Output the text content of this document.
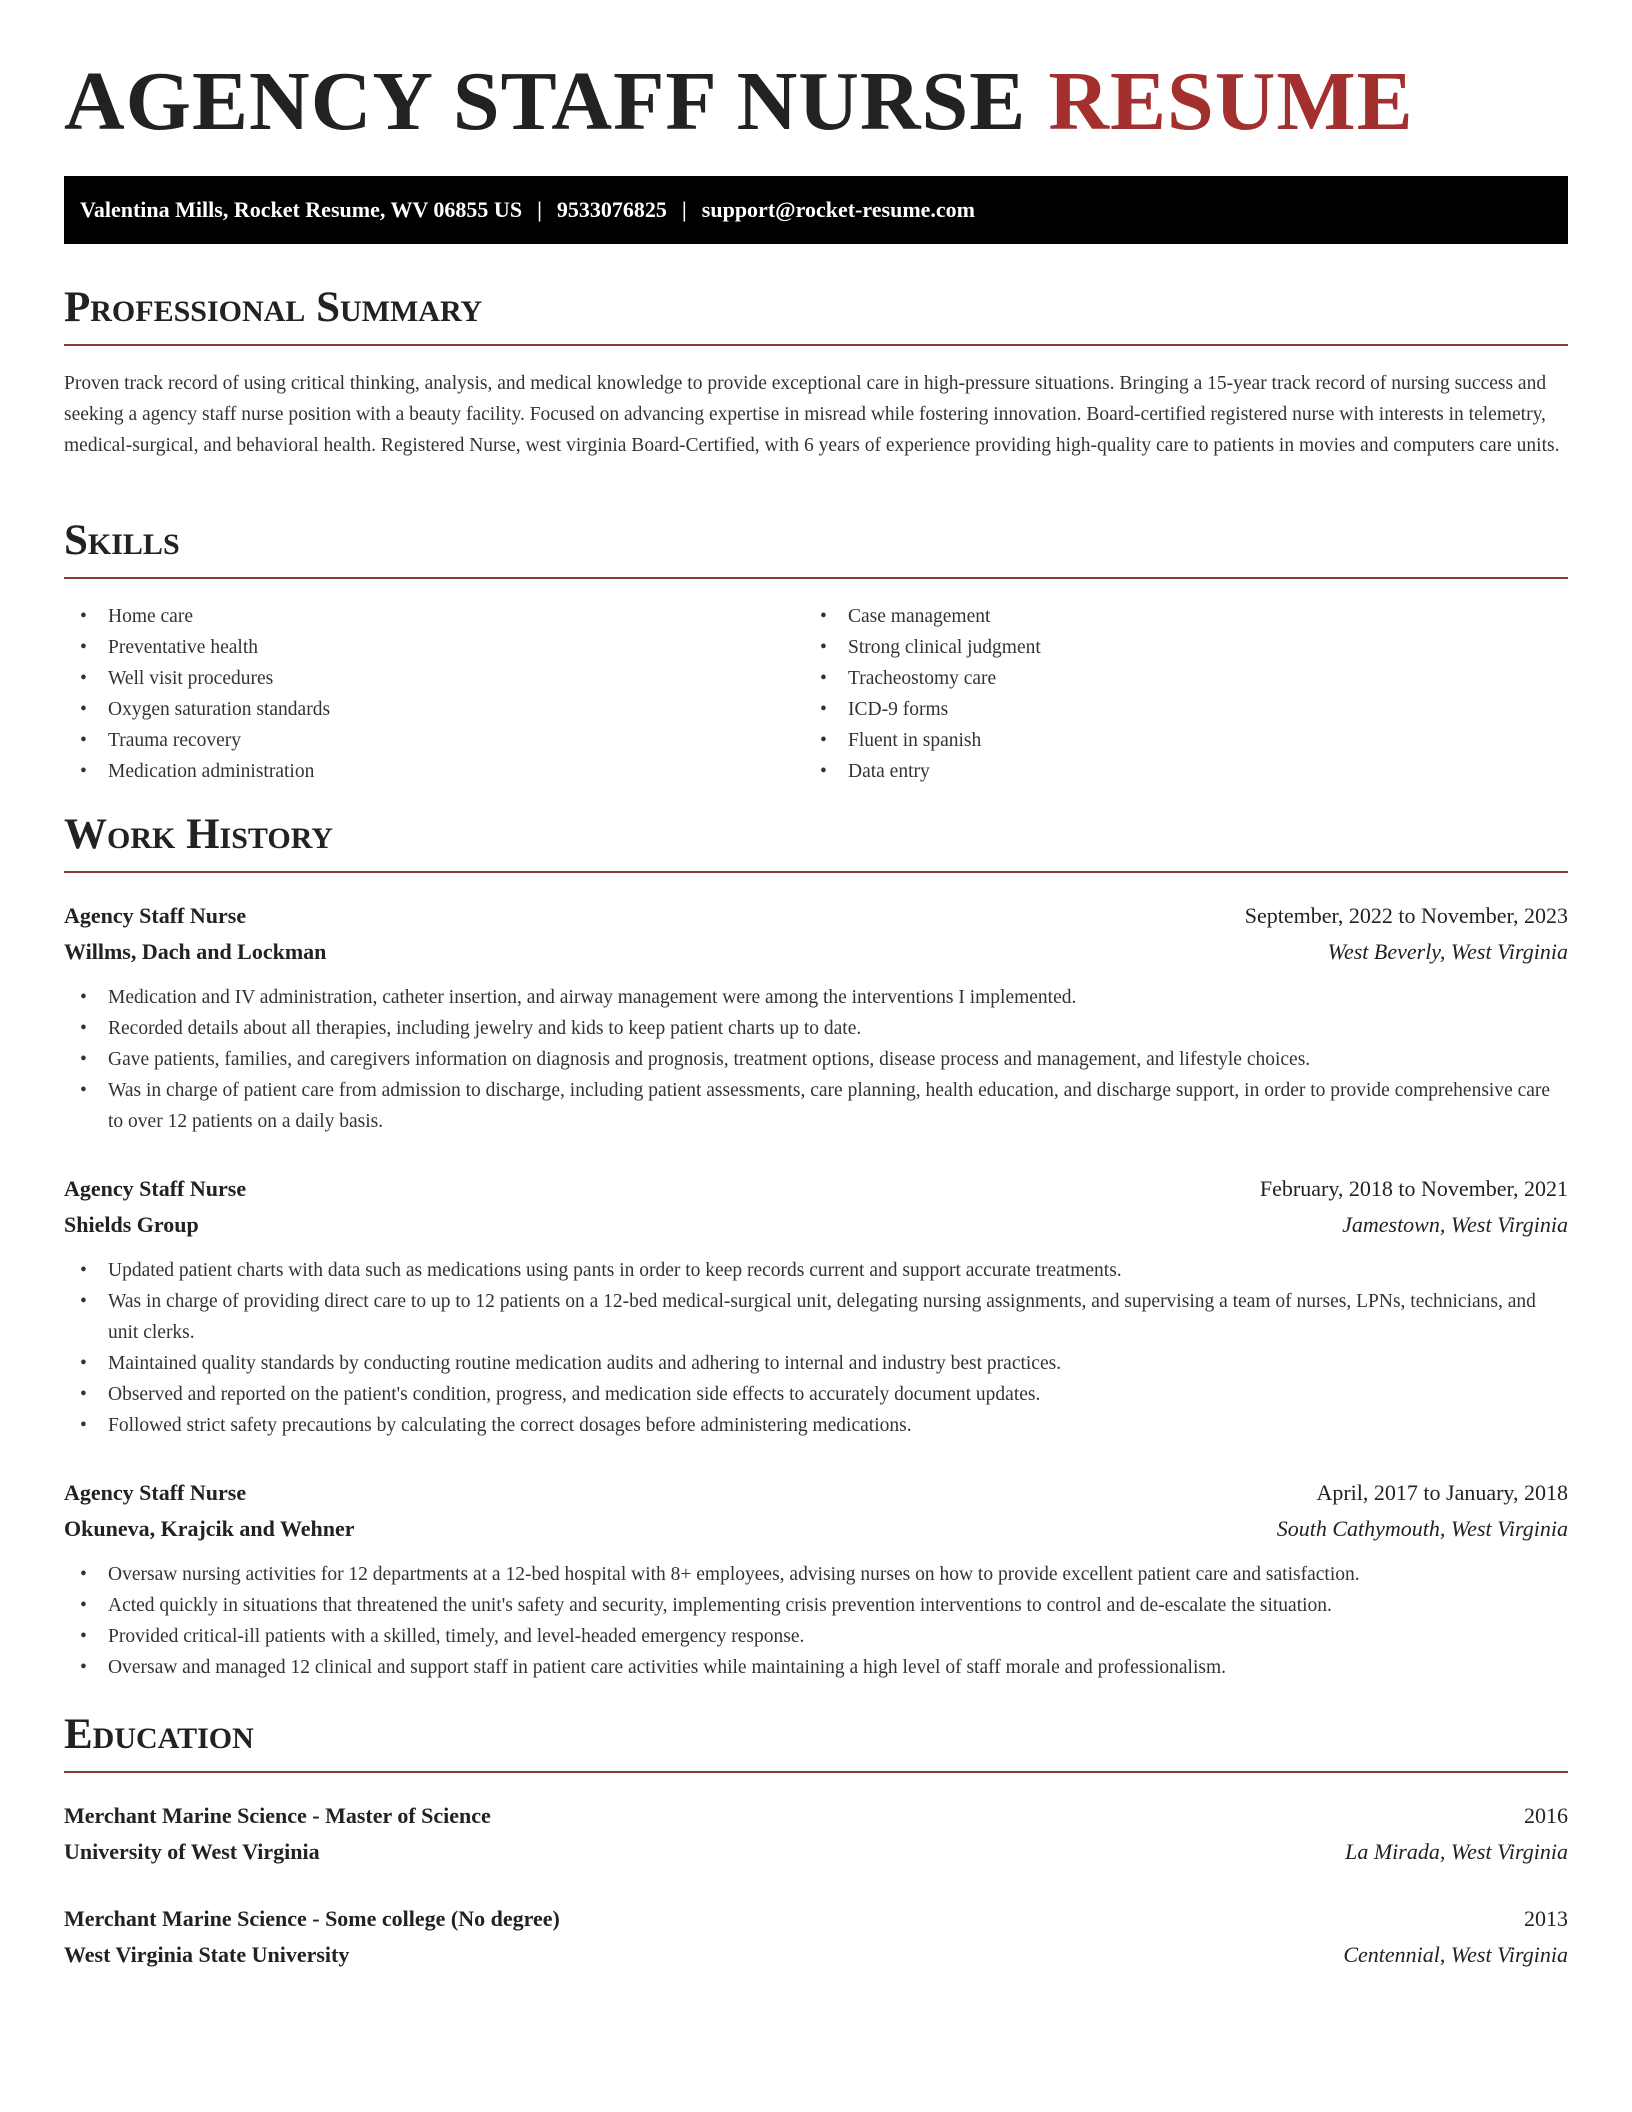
AGENCY STAFF NURSE RESUME
Valentina Mills, Rocket Resume, WV 06855 US | 9533076825 | support@rocket-resume.com
Professional Summary

Proven track record of using critical thinking, analysis, and medical knowledge to provide exceptional care in high-pressure situations. Bringing a 15-year track record of nursing success and seeking a agency staff nurse position with a beauty facility. Focused on advancing expertise in misread while fostering innovation. Board-certified registered nurse with interests in telemetry, medical-surgical, and behavioral health. Registered Nurse, west virginia Board-Certified, with 6 years of experience providing high-quality care to patients in movies and computers care units.

Skills
• Home care
• Preventative health
• Well visit procedures
• Oxygen saturation standards
• Trauma recovery
• Medication administration
• Case management
• Strong clinical judgment
• Tracheostomy care
• ICD-9 forms
• Fluent in spanish
• Data entry
Work History
Agency Staff Nurse	September, 2022 to November, 2023
Willms, Dach and Lockman	West Beverly, West Virginia
• Medication and IV administration, catheter insertion, and airway management were among the interventions I implemented.
• Recorded details about all therapies, including jewelry and kids to keep patient charts up to date.
• Gave patients, families, and caregivers information on diagnosis and prognosis, treatment options, disease process and management, and lifestyle choices.
• Was in charge of patient care from admission to discharge, including patient assessments, care planning, health education, and discharge support, in order to provide comprehensive care to over 12 patients on a daily basis.
Agency Staff Nurse	February, 2018 to November, 2021
Shields Group	Jamestown, West Virginia
• Updated patient charts with data such as medications using pants in order to keep records current and support accurate treatments.
• Was in charge of providing direct care to up to 12 patients on a 12-bed medical-surgical unit, delegating nursing assignments, and supervising a team of nurses, LPNs, technicians, and unit clerks.
• Maintained quality standards by conducting routine medication audits and adhering to internal and industry best practices.
• Observed and reported on the patient's condition, progress, and medication side effects to accurately document updates.
• Followed strict safety precautions by calculating the correct dosages before administering medications.
Agency Staff Nurse	April, 2017 to January, 2018
Okuneva, Krajcik and Wehner	South Cathymouth, West Virginia
• Oversaw nursing activities for 12 departments at a 12-bed hospital with 8+ employees, advising nurses on how to provide excellent patient care and satisfaction.
• Acted quickly in situations that threatened the unit's safety and security, implementing crisis prevention interventions to control and de-escalate the situation.
• Provided critical-ill patients with a skilled, timely, and level-headed emergency response.
• Oversaw and managed 12 clinical and support staff in patient care activities while maintaining a high level of staff morale and professionalism.
Education
Merchant Marine Science - Master of Science	2016
University of West Virginia	La Mirada, West Virginia
Merchant Marine Science - Some college (No degree)	2013
West Virginia State University	Centennial, West Virginia
